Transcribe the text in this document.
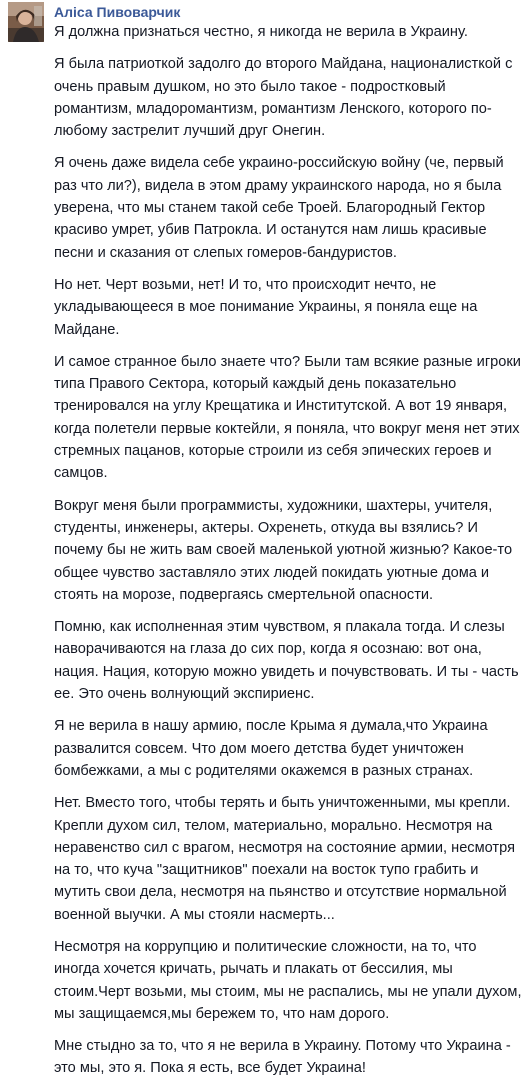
Аліса Пивоварчик

Я должна признаться честно, я никогда не верила в Украину.

Я была патриоткой задолго до второго Майдана, националисткой с очень правым душком, но это было такое - подростковый романтизм, младоромантизм, романтизм Ленского, которого по-любому застрелит лучший друг Онегин.

Я очень даже видела себе украино-российскую войну (че, первый раз что ли?), видела в этом драму украинского народа, но я была уверена, что мы станем такой себе Троей. Благородный Гектор красиво умрет, убив Патрокла. И останутся нам лишь красивые песни и сказания от слепых гомеров-бандуристов.

Но нет. Черт возьми, нет! И то, что происходит нечто, не укладывающееся в мое понимание Украины, я поняла еще на Майдане.

И самое странное было знаете что? Были там всякие разные игроки типа Правого Сектора, который каждый день показательно тренировался на углу Крещатика и Институтской. А вот 19 января, когда полетели первые коктейли, я поняла, что вокруг меня нет этих стремных пацанов, которые строили из себя эпических героев и самцов.

Вокруг меня были программисты, художники, шахтеры, учителя, студенты, инженеры, актеры. Охренеть, откуда вы взялись? И почему бы не жить вам своей маленькой уютной жизнью? Какое-то общее чувство заставляло этих людей покидать уютные дома и стоять на морозе, подвергаясь смертельной опасности.

Помню, как исполненная этим чувством, я плакала тогда. И слезы наворачиваются на глаза до сих пор, когда я осознаю: вот она, нация. Нация, которую можно увидеть и почувствовать. И ты - часть ее. Это очень волнующий экспириенс.

Я не верила в нашу армию, после Крыма я думала,что Украина развалится совсем. Что дом моего детства будет уничтожен бомбежками, а мы с родителями окажемся в разных странах.

Нет. Вместо того, чтобы терять и быть уничтоженными, мы крепли. Крепли духом сил, телом, материально, морально. Несмотря на неравенство сил с врагом, несмотря на состояние армии, несмотря на то, что куча "защитников" поехали на восток тупо грабить и мутить свои дела, несмотря на пьянство и отсутствие нормальной военной выучки. А мы стояли насмерть...

Несмотря на коррупцию и политические сложности, на то, что иногда хочется кричать, рычать и плакать от бессилия, мы стоим.Черт возьми, мы стоим, мы не распались, мы не упали духом, мы защищаемся,мы бережем то, что нам дорого.

Мне стыдно за то, что я не верила в Украину. Потому что Украина - это мы, это я. Пока я есть, все будет Украина!
